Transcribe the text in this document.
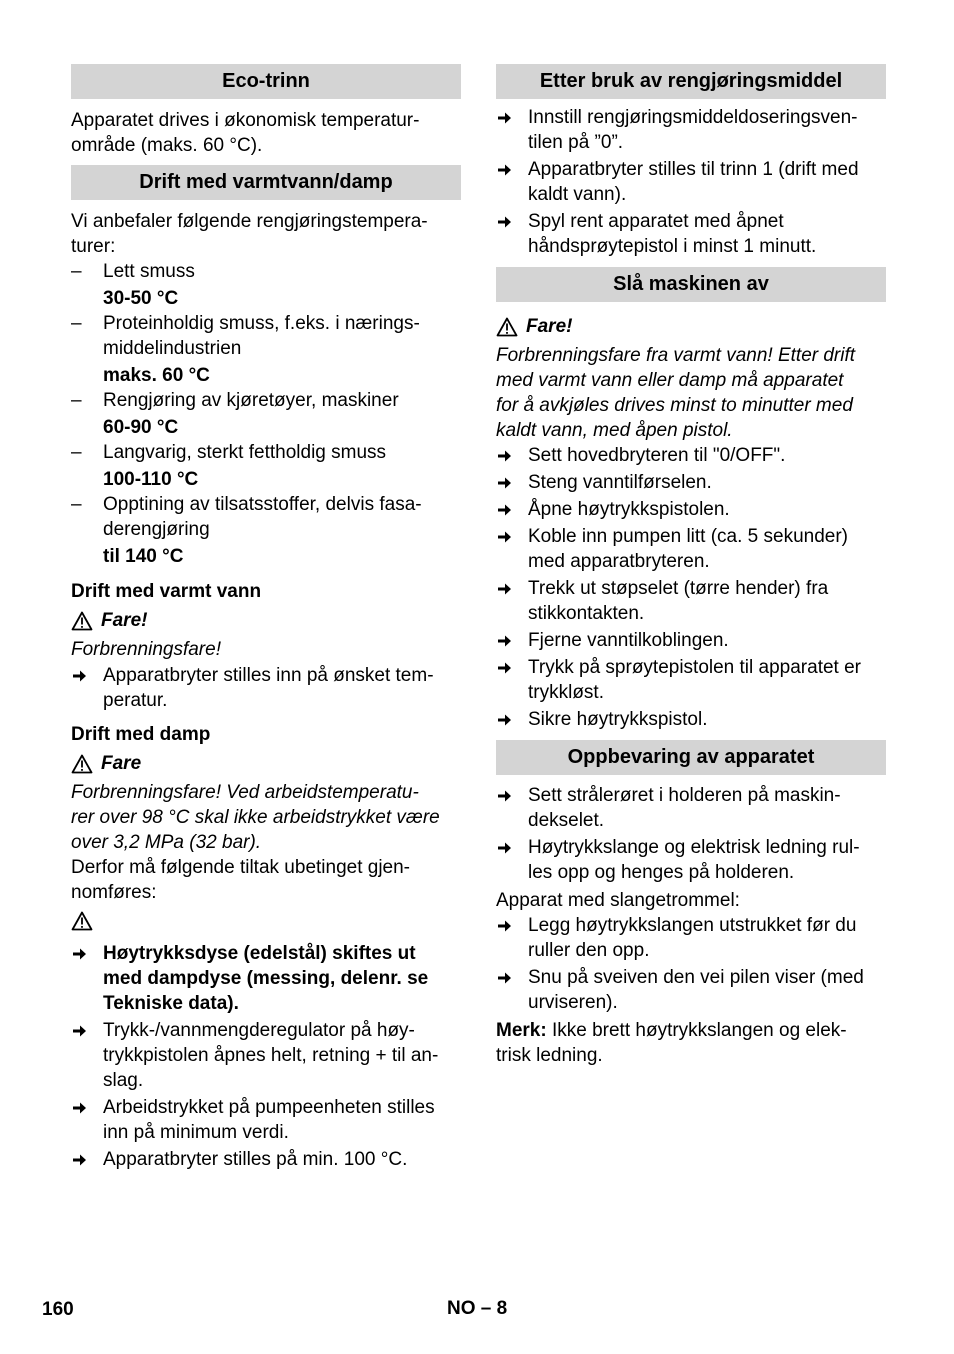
Eco-trinn
Apparatet drives i økonomisk temperatur-
område (maks. 60 °C).
Drift med varmtvann/damp
Vi anbefaler følgende rengjøringstempera-
turer:
–	Lett smuss
30-50 °C
–	Proteinholdig smuss, f.eks. i nærings-
middelindustrien
maks. 60 °C
–	Rengjøring av kjøretøyer, maskiner
60-90 °C
–	Langvarig, sterkt fettholdig smuss
100-110 °C
–	Opptining av tilsatsstoffer, delvis fasa-
derengjøring
til 140 °C
Drift med varmt vann
Fare!
Forbrenningsfare!
Apparatbryter stilles inn på ønsket tem-
peratur.
Drift med damp
Fare
Forbrenningsfare! Ved arbeidstemperatu-
rer over 98 °C skal ikke arbeidstrykket være
over 3,2 MPa (32 bar).
Derfor må følgende tiltak ubetinget gjen-
nomføres:
Høytrykksdyse (edelstål) skiftes ut
med dampdyse (messing, delenr. se
Tekniske data).
Trykk-/vannmengderegulator på høy-
trykkpistolen åpnes helt, retning + til an-
slag.
Arbeidstrykket på pumpeenheten stilles
inn på minimum verdi.
Apparatbryter stilles på min. 100 °C.
Etter bruk av rengjøringsmiddel
Innstill rengjøringsmiddeldoseringsven-
tilen på ”0”.
Apparatbryter stilles til trinn 1 (drift med
kaldt vann).
Spyl rent apparatet med åpnet
håndsprøytepistol i minst 1 minutt.
Slå maskinen av
Fare!
Forbrenningsfare fra varmt vann! Etter drift
med varmt vann eller damp må apparatet
for å avkjøles drives minst to minutter med
kaldt vann, med åpen pistol.
Sett hovedbryteren til "0/OFF".
Steng vanntilførselen.
Åpne høytrykkspistolen.
Koble inn pumpen litt (ca. 5 sekunder)
med apparatbryteren.
Trekk ut støpselet (tørre hender) fra
stikkontakten.
Fjerne vanntilkoblingen.
Trykk på sprøytepistolen til apparatet er
trykkløst.
Sikre høytrykkspistol.
Oppbevaring av apparatet
Sett strålerøret i holderen på maskin-
dekselet.
Høytrykkslange og elektrisk ledning rul-
les opp og henges på holderen.
Apparat med slangetrommel:
Legg høytrykkslangen utstrukket før du
ruller den opp.
Snu på sveiven den vei pilen viser (med
urviseren).
Merk: Ikke brett høytrykkslangen og elek-
trisk ledning.
160	NO – 8
